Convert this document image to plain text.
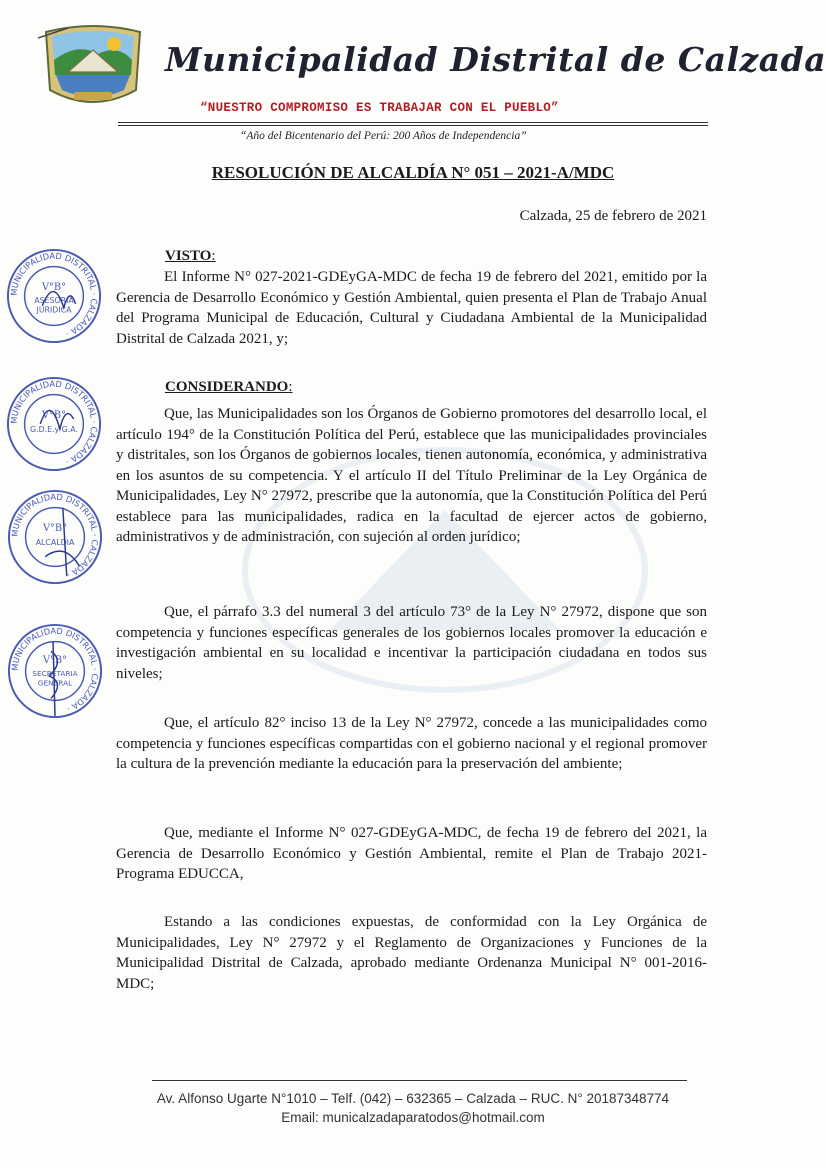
Municipalidad Distrital de Calzada
“NUESTRO COMPROMISO ES TRABAJAR CON EL PUEBLO”
“Año del Bicentenario del Perú: 200 Años de Independencia”
RESOLUCIÓN DE ALCALDÍA N° 051 – 2021-A/MDC
Calzada, 25 de febrero de 2021
VISTO:

El Informe N° 027-2021-GDEyGA-MDC de fecha 19 de febrero del 2021, emitido por la Gerencia de Desarrollo Económico y Gestión Ambiental, quien presenta el Plan de Trabajo Anual del Programa Municipal de Educación, Cultural y Ciudadana Ambiental de la Municipalidad Distrital de Calzada 2021, y;

CONSIDERANDO:

Que, las Municipalidades son los Órganos de Gobierno promotores del desarrollo local, el artículo 194° de la Constitución Política del Perú, establece que las municipalidades provinciales y distritales, son los Órganos de gobiernos locales, tienen autonomía, económica, y administrativa en los asuntos de su competencia. Y el artículo II del Título Preliminar de la Ley Orgánica de Municipalidades, Ley N° 27972, prescribe que la autonomía, que la Constitución Política del Perú establece para las municipalidades, radica en la facultad de ejercer actos de gobierno, administrativos y de administración, con sujeción al orden jurídico;

Que, el párrafo 3.3 del numeral 3 del artículo 73° de la Ley N° 27972, dispone que son competencia y funciones específicas generales de los gobiernos locales promover la educación e investigación ambiental en su localidad e incentivar la participación ciudadana en todos sus niveles;

Que, el artículo 82° inciso 13 de la Ley N° 27972, concede a las municipalidades como competencia y funciones específicas compartidas con el gobierno nacional y el regional promover la cultura de la prevención mediante la educación para la preservación del ambiente;

Que, mediante el Informe N° 027-GDEyGA-MDC, de fecha 19 de febrero del 2021, la Gerencia de Desarrollo Económico y Gestión Ambiental, remite el Plan de Trabajo 2021- Programa EDUCCA,

Estando a las condiciones expuestas, de conformidad con la Ley Orgánica de Municipalidades, Ley N° 27972 y el Reglamento de Organizaciones y Funciones de la Municipalidad Distrital de Calzada, aprobado mediante Ordenanza Municipal N° 001-2016-MDC;

MUNICIPALIDAD DISTRITAL · CALZADA ·
V°B°
ASESORIA
JURIDICA
MUNICIPALIDAD DISTRITAL · CALZADA ·
V°B°
G.D.E.y G.A.
MUNICIPALIDAD DISTRITAL · CALZADA ·
V°B°
ALCALDIA
MUNICIPALIDAD DISTRITAL · CALZADA ·
V°B°
SECRETARIA
GENERAL
Av. Alfonso Ugarte N°1010 – Telf. (042) – 632365 – Calzada – RUC. N° 20187348774
Email: municalzadaparatodos@hotmail.com
